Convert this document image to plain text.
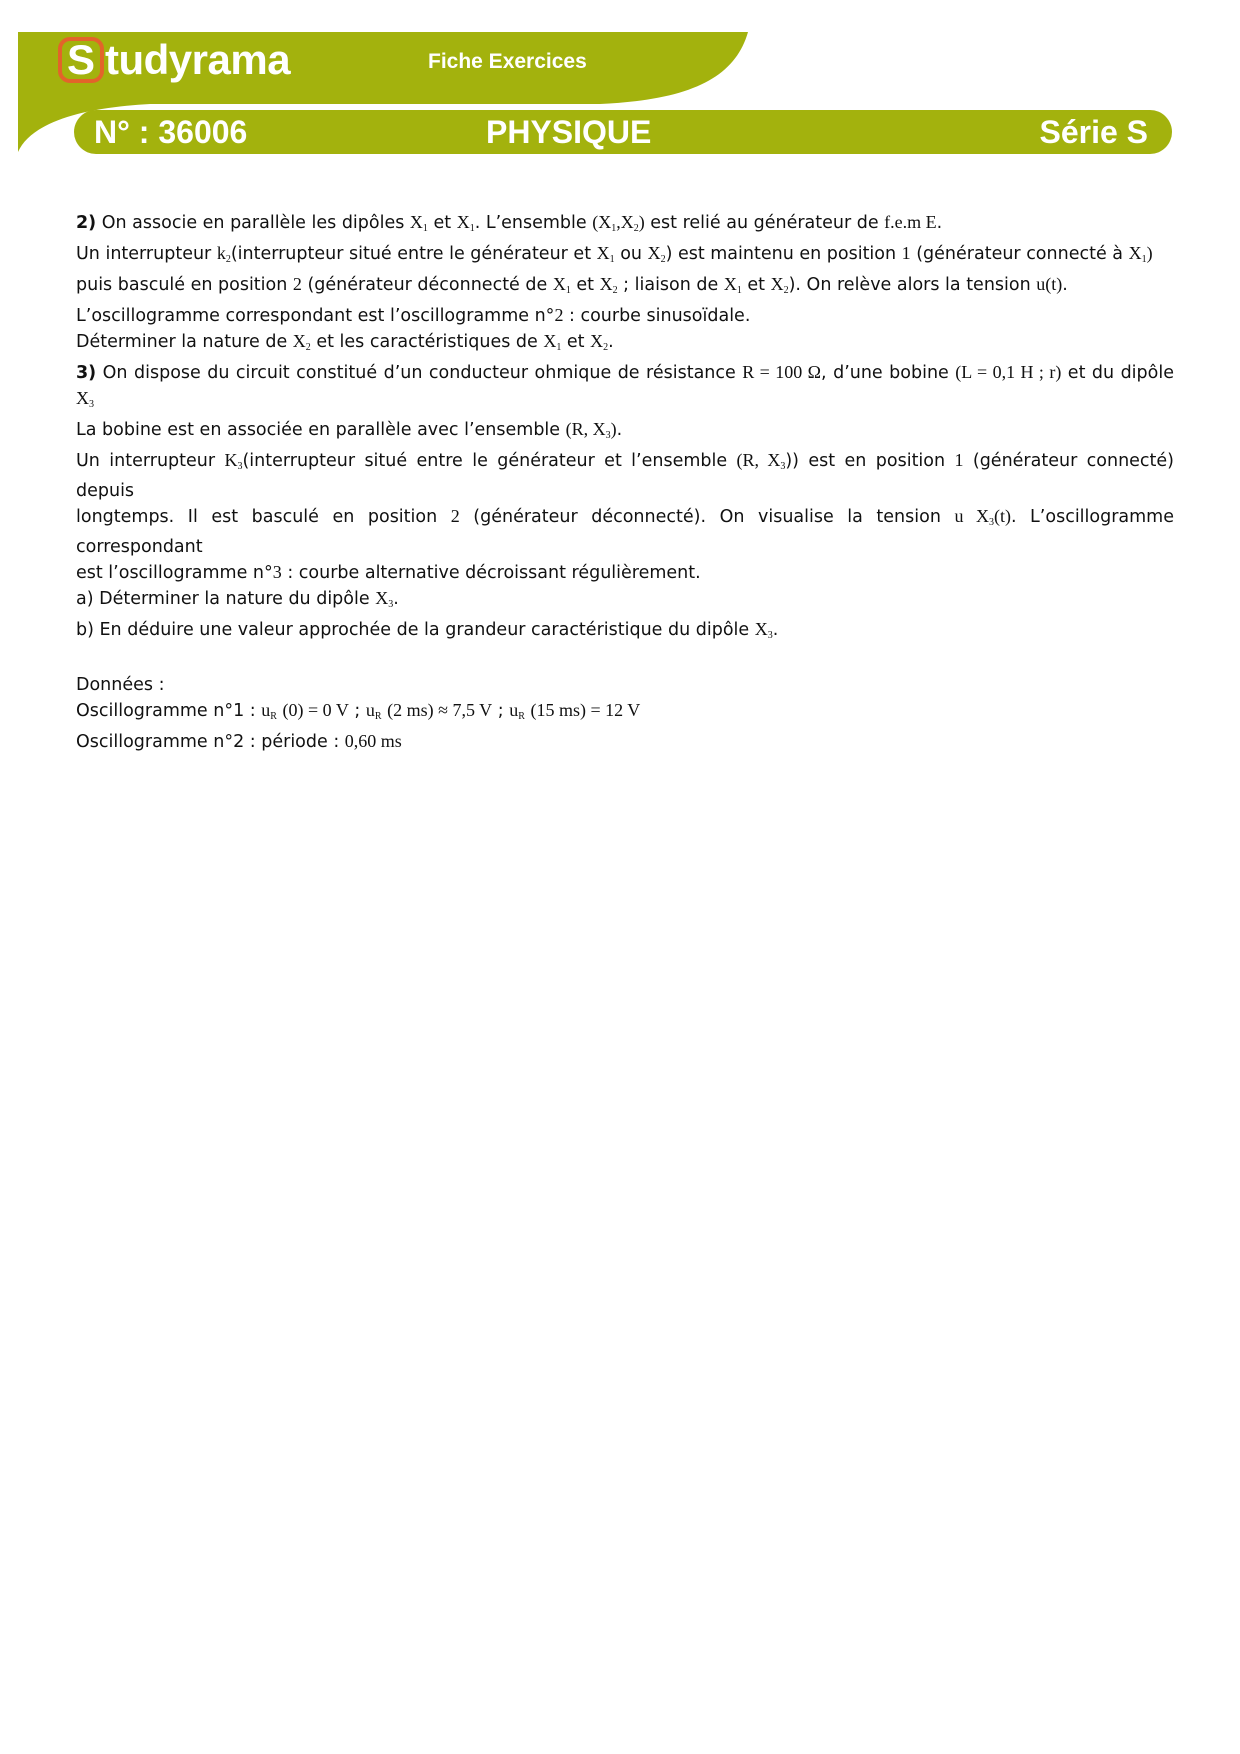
S tudyrama	Fiche Exercices
N° : 36006	PHYSIQUE	Série S

2) On associe en parallèle les dipôles $X_1$ et $X_1$. L’ensemble $(X_1,X_2)$ est relié au générateur de f.e.m E.

Un interrupteur $k_2(interrupteur$ situé entre le générateur et $X_1$ ou $X_2$) est maintenu en position 1 (générateur connecté à $X_1$)

puis basculé en position 2 (générateur déconnecté de $X_1$ et $X_2$ ; liaison de $X_1$ et $X_2$). On relève alors la tension u(t).

L’oscillogramme correspondant est l’oscillogramme n°2 : courbe sinusoïdale.

Déterminer la nature de $X_2$ et les caractéristiques de $X_1$ et $X_2$.

3) On dispose du circuit constitué d’un conducteur ohmique de résistance R = 100 Ω, d’une bobine (L = 0,1 H ; r) et du dipôle $X_3$

La bobine est en associée en parallèle avec l’ensemble (R, $X_3$).

Un interrupteur $K_3(interrupteur$ situé entre le générateur et l’ensemble (R, $X_3$)) est en position 1 (générateur connecté) depuis

longtemps. Il est basculé en position 2 (générateur déconnecté). On visualise la tension u $X_3(t)$. L’oscillogramme correspondant

est l’oscillogramme n°3 : courbe alternative décroissant régulièrement.

a) Déterminer la nature du dipôle $X_3$.

b) En déduire une valeur approchée de la grandeur caractéristique du dipôle $X_3$.

Données :

Oscillogramme n°1 : $u_R$ (0) = 0 V ; $u_R$ (2 ms) ≈ 7,5 V ; $u_R$ (15 ms) = 12 V

Oscillogramme n°2 : période : 0,60 ms
